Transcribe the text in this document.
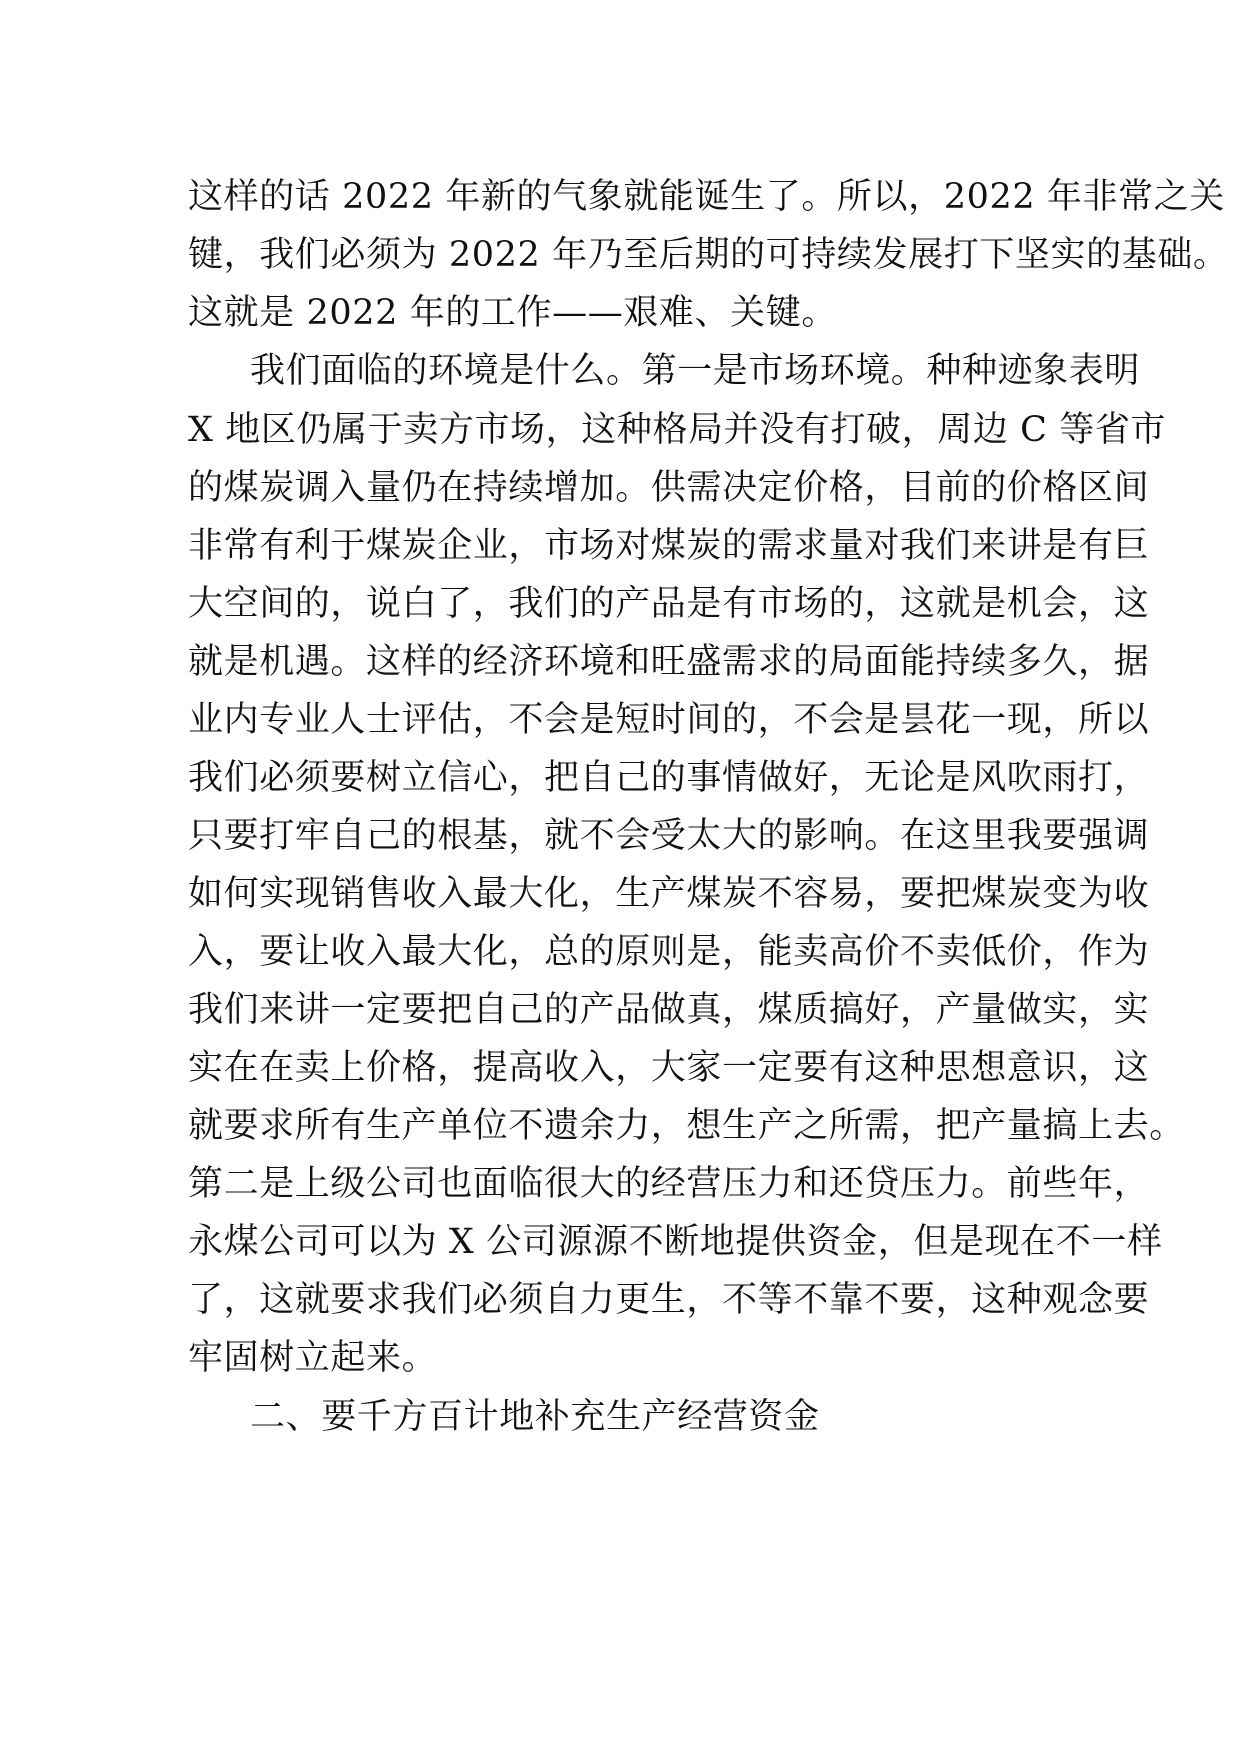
这样的话 2022 年新的气象就能诞生了。所以，2022 年非常之关
键，我们必须为 2022 年乃至后期的可持续发展打下坚实的基础。
这就是 2022 年的工作——艰难、关键。
我们面临的环境是什么。第一是市场环境。种种迹象表明
X 地区仍属于卖方市场，这种格局并没有打破，周边 C 等省市
的煤炭调入量仍在持续增加。供需决定价格，目前的价格区间
非常有利于煤炭企业，市场对煤炭的需求量对我们来讲是有巨
大空间的，说白了，我们的产品是有市场的，这就是机会，这
就是机遇。这样的经济环境和旺盛需求的局面能持续多久，据
业内专业人士评估，不会是短时间的，不会是昙花一现，所以
我们必须要树立信心，把自己的事情做好，无论是风吹雨打，
只要打牢自己的根基，就不会受太大的影响。在这里我要强调
如何实现销售收入最大化，生产煤炭不容易，要把煤炭变为收
入，要让收入最大化，总的原则是，能卖高价不卖低价，作为
我们来讲一定要把自己的产品做真，煤质搞好，产量做实，实
实在在卖上价格，提高收入，大家一定要有这种思想意识，这
就要求所有生产单位不遗余力，想生产之所需，把产量搞上去。
第二是上级公司也面临很大的经营压力和还贷压力。前些年，
永煤公司可以为 X 公司源源不断地提供资金，但是现在不一样
了，这就要求我们必须自力更生，不等不靠不要，这种观念要
牢固树立起来。
二、要千方百计地补充生产经营资金
